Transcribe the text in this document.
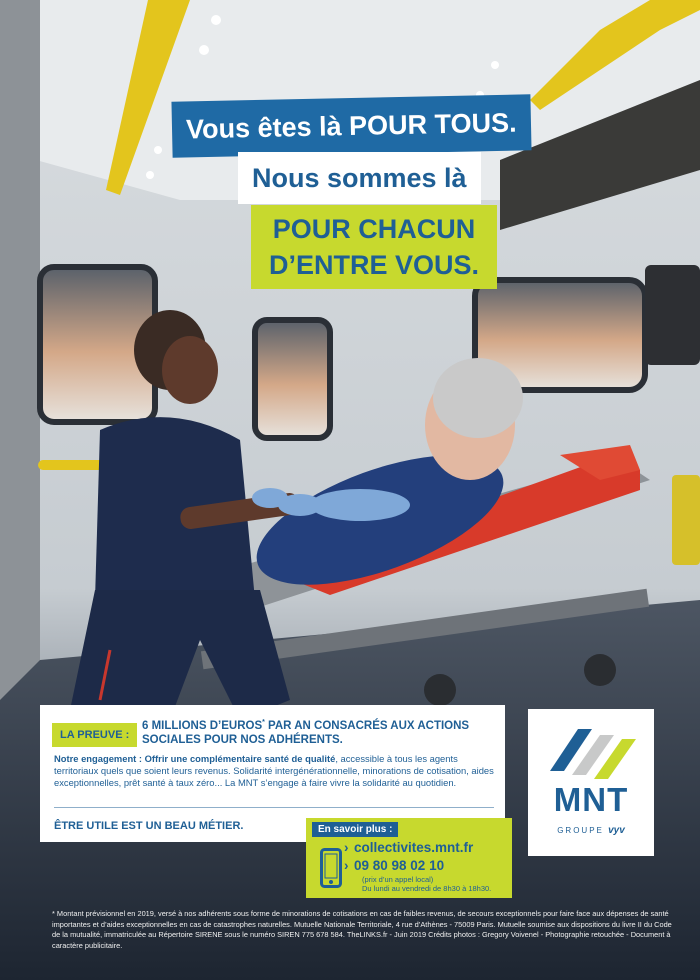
Vous êtes là POUR TOUS.
Nous sommes là
POUR CHACUN
D’ENTRE VOUS.
LA PREUVE :
6 MILLIONS D’EUROS* PAR AN CONSACRÉS AUX ACTIONS SOCIALES POUR NOS ADHÉRENTS.
Notre engagement : Offrir une complémentaire santé de qualité, accessible à tous les agents territoriaux quels que soient leurs revenus. Solidarité intergénérationnelle, minorations de cotisation, aides exceptionnelles, prêt santé à taux zéro... La MNT s’engage à faire vivre la solidarité au quotidien.
ÊTRE UTILE EST UN BEAU MÉTIER.	En savoir plus :
› collectivites.mnt.fr
› 09 80 98 02 10
(prix d’un appel local)
Du lundi au vendredi de 8h30 à 18h30.
MNT
GROUPE vyv
* Montant prévisionnel en 2019, versé à nos adhérents sous forme de minorations de cotisations en cas de faibles revenus, de secours exceptionnels pour faire face aux dépenses de santé importantes et d’aides exceptionnelles en cas de catastrophes naturelles. Mutuelle Nationale Territoriale, 4 rue d’Athènes - 75009 Paris. Mutuelle soumise aux dispositions du livre II du Code de la mutualité, immatriculée au Répertoire SIRENE sous le numéro SIREN 775 678 584. TheLINKS.fr - Juin 2019 Crédits photos : Gregory Voivenel - Photographie retouchée - Document à caractère publicitaire.
